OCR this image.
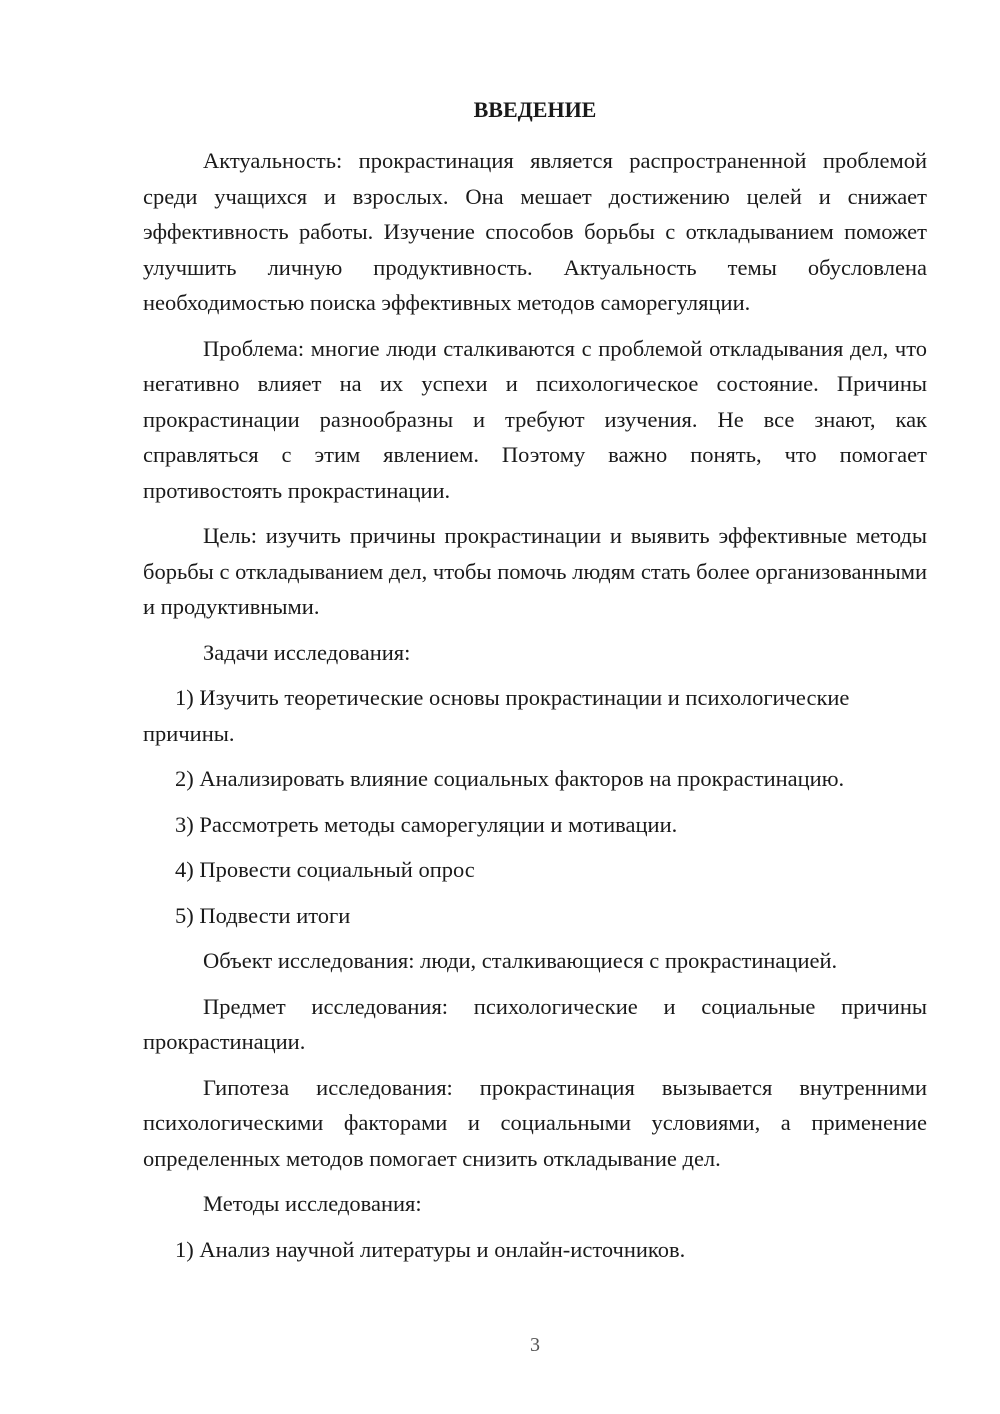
ВВЕДЕНИЕ

Актуальность: прокрастинация является распространенной проблемой среди учащихся и взрослых. Она мешает достижению целей и снижает эффективность работы. Изучение способов борьбы с откладыванием поможет улучшить личную продуктивность. Актуальность темы обусловлена необходимостью поиска эффективных методов саморегуляции.

Проблема: многие люди сталкиваются с проблемой откладывания дел, что негативно влияет на их успехи и психологическое состояние. Причины прокрастинации разнообразны и требуют изучения. Не все знают, как справляться с этим явлением. Поэтому важно понять, что помогает противостоять прокрастинации.

Цель: изучить причины прокрастинации и выявить эффективные методы борьбы с откладыванием дел, чтобы помочь людям стать более организованными и продуктивными.

Задачи исследования:

1) Изучить теоретические основы прокрастинации и психологические причины.

2) Анализировать влияние социальных факторов на прокрастинацию.

3) Рассмотреть методы саморегуляции и мотивации.

4) Провести социальный опрос

5) Подвести итоги

Объект исследования: люди, сталкивающиеся с прокрастинацией.

Предмет исследования: психологические и социальные причины прокрастинации.

Гипотеза исследования: прокрастинация вызывается внутренними психологическими факторами и социальными условиями, а применение определенных методов помогает снизить откладывание дел.

Методы исследования:

1) Анализ научной литературы и онлайн-источников.

3
